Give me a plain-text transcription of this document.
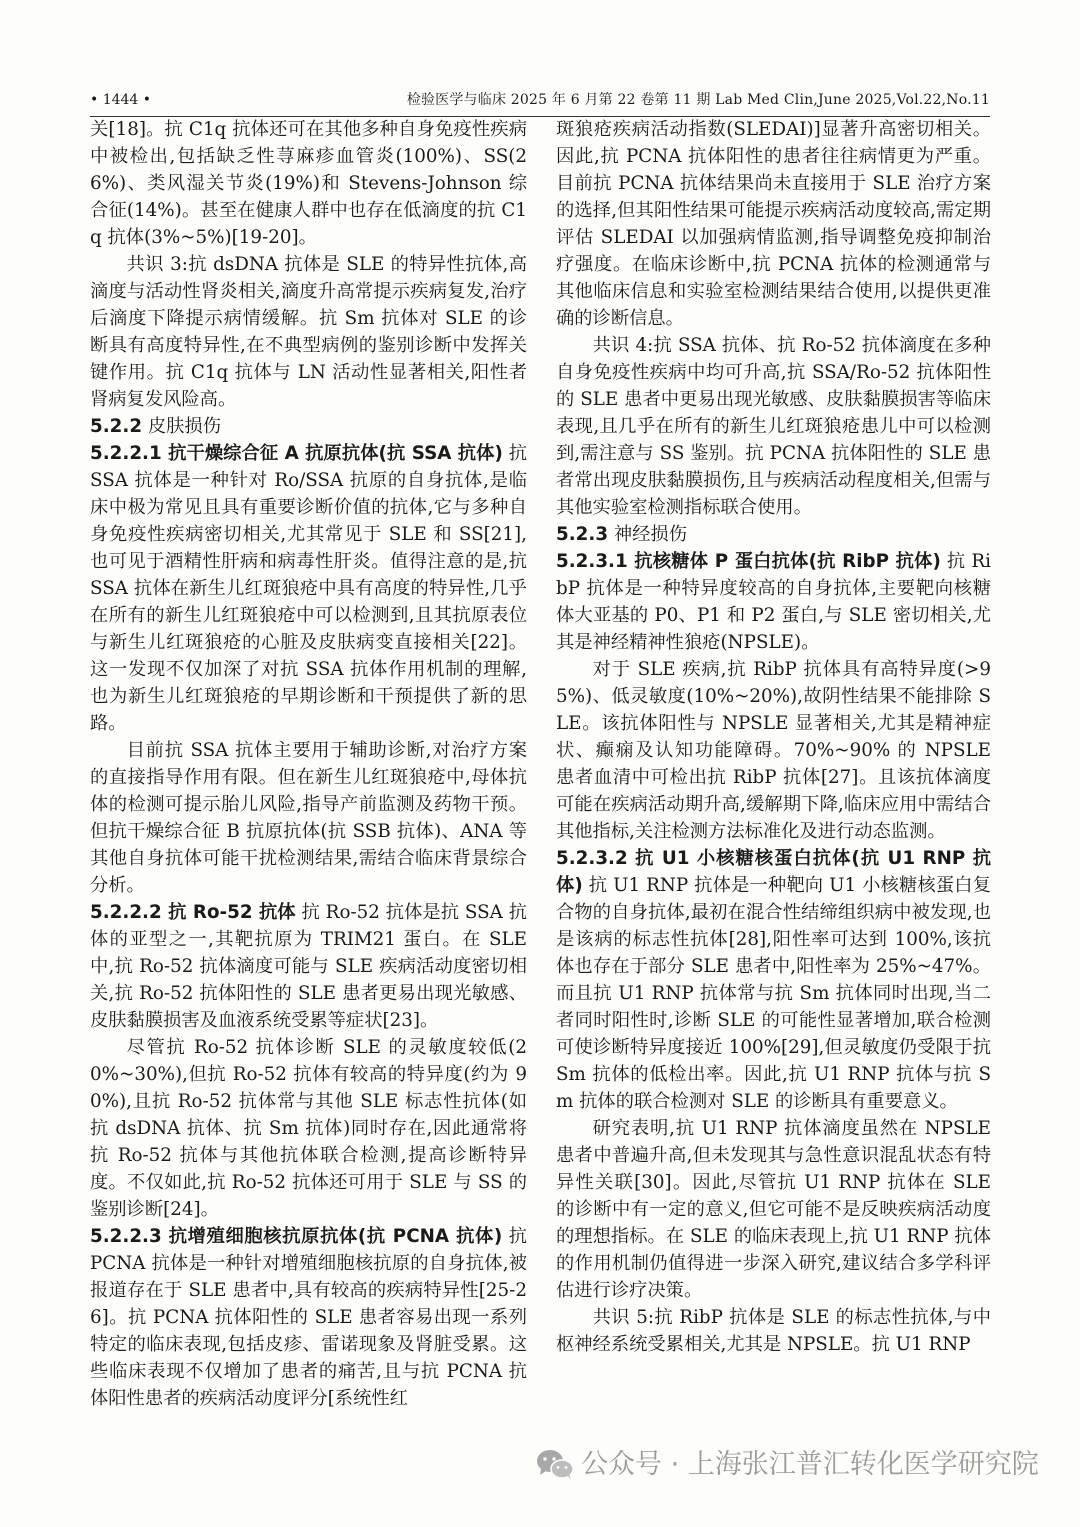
• 1444 •	检验医学与临床 2025 年 6 月第 22 卷第 11 期 Lab Med Clin,June 2025,Vol.22,No.11

关[18]。抗 C1q 抗体还可在其他多种自身免疫性疾病中被检出,包括缺乏性荨麻疹血管炎(100%)、SS(26%)、类风湿关节炎(19%)和 Stevens-Johnson 综合征(14%)。甚至在健康人群中也存在低滴度的抗 C1q 抗体(3%~5%)[19-20]。

共识 3:抗 dsDNA 抗体是 SLE 的特异性抗体,高滴度与活动性肾炎相关,滴度升高常提示疾病复发,治疗后滴度下降提示病情缓解。抗 Sm 抗体对 SLE 的诊断具有高度特异性,在不典型病例的鉴别诊断中发挥关键作用。抗 C1q 抗体与 LN 活动性显著相关,阳性者肾病复发风险高。

5.2.2 皮肤损伤

5.2.2.1 抗干燥综合征 A 抗原抗体(抗 SSA 抗体) 抗 SSA 抗体是一种针对 Ro/SSA 抗原的自身抗体,是临床中极为常见且具有重要诊断价值的抗体,它与多种自身免疫性疾病密切相关,尤其常见于 SLE 和 SS[21],也可见于酒精性肝病和病毒性肝炎。值得注意的是,抗 SSA 抗体在新生儿红斑狼疮中具有高度的特异性,几乎在所有的新生儿红斑狼疮中可以检测到,且其抗原表位与新生儿红斑狼疮的心脏及皮肤病变直接相关[22]。这一发现不仅加深了对抗 SSA 抗体作用机制的理解,也为新生儿红斑狼疮的早期诊断和干预提供了新的思路。

目前抗 SSA 抗体主要用于辅助诊断,对治疗方案的直接指导作用有限。但在新生儿红斑狼疮中,母体抗体的检测可提示胎儿风险,指导产前监测及药物干预。但抗干燥综合征 B 抗原抗体(抗 SSB 抗体)、ANA 等其他自身抗体可能干扰检测结果,需结合临床背景综合分析。

5.2.2.2 抗 Ro-52 抗体 抗 Ro-52 抗体是抗 SSA 抗体的亚型之一,其靶抗原为 TRIM21 蛋白。在 SLE 中,抗 Ro-52 抗体滴度可能与 SLE 疾病活动度密切相关,抗 Ro-52 抗体阳性的 SLE 患者更易出现光敏感、皮肤黏膜损害及血液系统受累等症状[23]。

尽管抗 Ro-52 抗体诊断 SLE 的灵敏度较低(20%~30%),但抗 Ro-52 抗体有较高的特异度(约为 90%),且抗 Ro-52 抗体常与其他 SLE 标志性抗体(如抗 dsDNA 抗体、抗 Sm 抗体)同时存在,因此通常将抗 Ro-52 抗体与其他抗体联合检测,提高诊断特异度。不仅如此,抗 Ro-52 抗体还可用于 SLE 与 SS 的鉴别诊断[24]。

5.2.2.3 抗增殖细胞核抗原抗体(抗 PCNA 抗体) 抗 PCNA 抗体是一种针对增殖细胞核抗原的自身抗体,被报道存在于 SLE 患者中,具有较高的疾病特异性[25-26]。抗 PCNA 抗体阳性的 SLE 患者容易出现一系列特定的临床表现,包括皮疹、雷诺现象及肾脏受累。这些临床表现不仅增加了患者的痛苦,且与抗 PCNA 抗体阳性患者的疾病活动度评分[系统性红

斑狼疮疾病活动指数(SLEDAI)]显著升高密切相关。因此,抗 PCNA 抗体阳性的患者往往病情更为严重。目前抗 PCNA 抗体结果尚未直接用于 SLE 治疗方案的选择,但其阳性结果可能提示疾病活动度较高,需定期评估 SLEDAI 以加强病情监测,指导调整免疫抑制治疗强度。在临床诊断中,抗 PCNA 抗体的检测通常与其他临床信息和实验室检测结果结合使用,以提供更准确的诊断信息。

共识 4:抗 SSA 抗体、抗 Ro-52 抗体滴度在多种自身免疫性疾病中均可升高,抗 SSA/Ro-52 抗体阳性的 SLE 患者中更易出现光敏感、皮肤黏膜损害等临床表现,且几乎在所有的新生儿红斑狼疮患儿中可以检测到,需注意与 SS 鉴别。抗 PCNA 抗体阳性的 SLE 患者常出现皮肤黏膜损伤,且与疾病活动程度相关,但需与其他实验室检测指标联合使用。

5.2.3 神经损伤

5.2.3.1 抗核糖体 P 蛋白抗体(抗 RibP 抗体) 抗 RibP 抗体是一种特异度较高的自身抗体,主要靶向核糖体大亚基的 P0、P1 和 P2 蛋白,与 SLE 密切相关,尤其是神经精神性狼疮(NPSLE)。

对于 SLE 疾病,抗 RibP 抗体具有高特异度(>95%)、低灵敏度(10%~20%),故阴性结果不能排除 SLE。该抗体阳性与 NPSLE 显著相关,尤其是精神症状、癫痫及认知功能障碍。70%~90% 的 NPSLE 患者血清中可检出抗 RibP 抗体[27]。且该抗体滴度可能在疾病活动期升高,缓解期下降,临床应用中需结合其他指标,关注检测方法标准化及进行动态监测。

5.2.3.2 抗 U1 小核糖核蛋白抗体(抗 U1 RNP 抗体) 抗 U1 RNP 抗体是一种靶向 U1 小核糖核蛋白复合物的自身抗体,最初在混合性结缔组织病中被发现,也是该病的标志性抗体[28],阳性率可达到 100%,该抗体也存在于部分 SLE 患者中,阳性率为 25%~47%。而且抗 U1 RNP 抗体常与抗 Sm 抗体同时出现,当二者同时阳性时,诊断 SLE 的可能性显著增加,联合检测可使诊断特异度接近 100%[29],但灵敏度仍受限于抗 Sm 抗体的低检出率。因此,抗 U1 RNP 抗体与抗 Sm 抗体的联合检测对 SLE 的诊断具有重要意义。

研究表明,抗 U1 RNP 抗体滴度虽然在 NPSLE 患者中普遍升高,但未发现其与急性意识混乱状态有特异性关联[30]。因此,尽管抗 U1 RNP 抗体在 SLE 的诊断中有一定的意义,但它可能不是反映疾病活动度的理想指标。在 SLE 的临床表现上,抗 U1 RNP 抗体的作用机制仍值得进一步深入研究,建议结合多学科评估进行诊疗决策。

共识 5:抗 RibP 抗体是 SLE 的标志性抗体,与中枢神经系统受累相关,尤其是 NPSLE。抗 U1 RNP

公众号 · 上海张江普汇转化医学研究院
